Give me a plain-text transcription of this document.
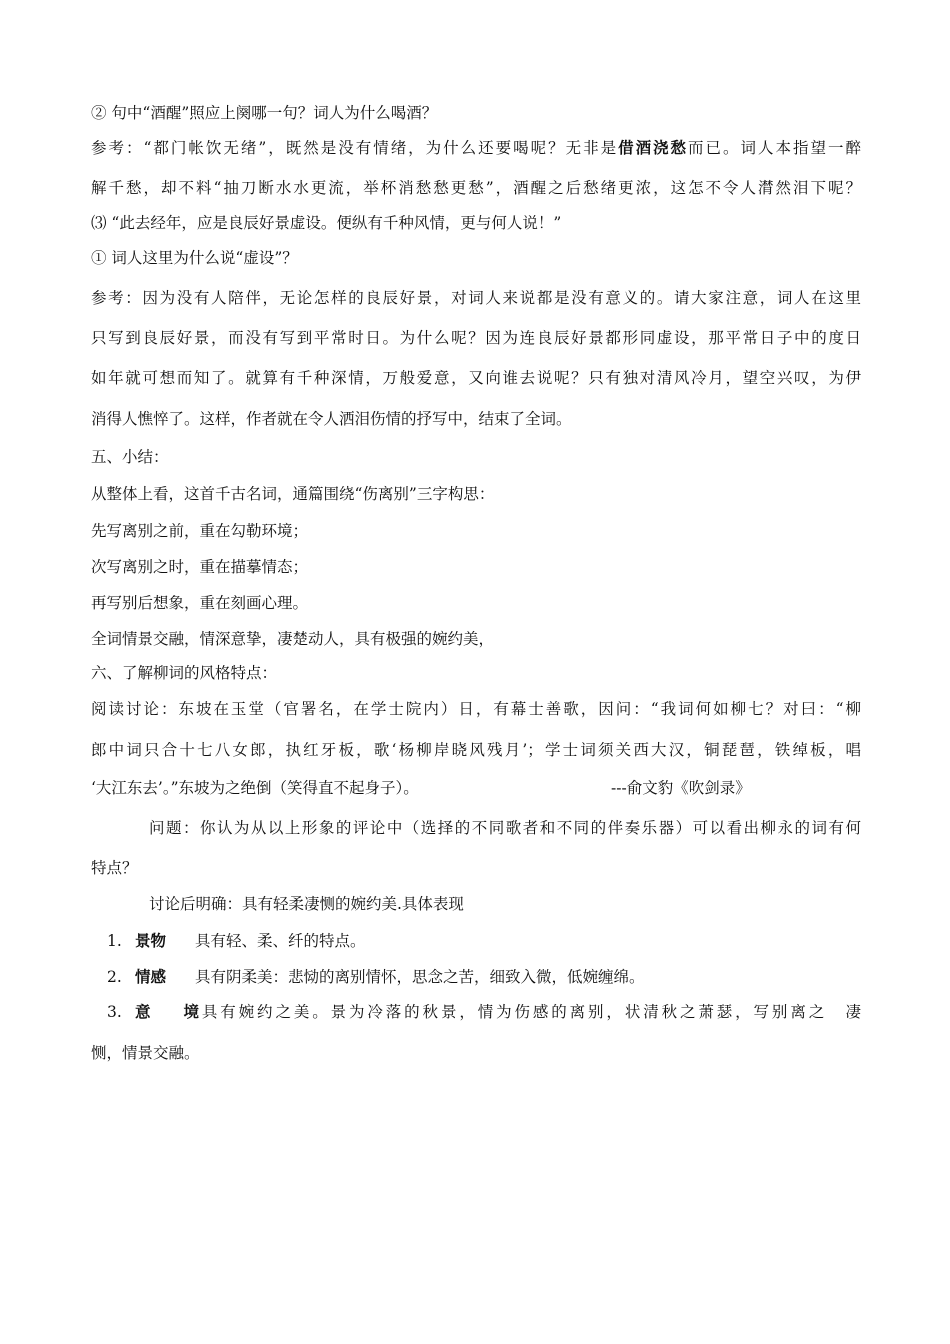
② 句中“酒醒”照应上阕哪一句？词人为什么喝酒？
参考：“都门帐饮无绪”，既然是没有情绪，为什么还要喝呢？无非是借酒浇愁而已。词人本指望一醉
解千愁，却不料“抽刀断水水更流，举杯消愁愁更愁”，酒醒之后愁绪更浓，这怎不令人潸然泪下呢？
⑶ “此去经年，应是良辰好景虚设。便纵有千种风情，更与何人说！”
① 词人这里为什么说“虚设”？
参考：因为没有人陪伴，无论怎样的良辰好景，对词人来说都是没有意义的。请大家注意，词人在这里
只写到良辰好景，而没有写到平常时日。为什么呢？因为连良辰好景都形同虚设，那平常日子中的度日
如年就可想而知了。就算有千种深情，万般爱意，又向谁去说呢？只有独对清风冷月，望空兴叹，为伊
消得人憔悴了。这样，作者就在令人洒泪伤情的抒写中，结束了全词。
五、小结：
从整体上看，这首千古名词，通篇围绕“伤离别”三字构思：
先写离别之前，重在勾勒环境；
次写离别之时，重在描摹情态；
再写别后想象，重在刻画心理。
全词情景交融，情深意挚，凄楚动人，具有极强的婉约美，
六、了解柳词的风格特点：
阅读讨论：东坡在玉堂（官署名，在学士院内）日，有幕士善歌，因问：“我词何如柳七？对曰：“柳
郎中词只合十七八女郎，执红牙板，歌‘杨柳岸晓风残月’；学士词须关西大汉，铜琵琶，铁绰板，唱
‘大江东去’。”东坡为之绝倒（笑得直不起身子）。	---俞文豹《吹剑录》
问题：你认为从以上形象的评论中（选择的不同歌者和不同的伴奏乐器）可以看出柳永的词有何
特点？
讨论后明确：具有轻柔凄恻的婉约美.具体表现
1. 景物 具有轻、柔、纤的特点。
2. 情感 具有阴柔美：悲恸的离别情怀，思念之苦，细致入微，低婉缠绵。
3. 意境具有婉约之美。景为冷落的秋景，情为伤感的离别，状清秋之萧瑟，写别离之　凄
恻，情景交融。
